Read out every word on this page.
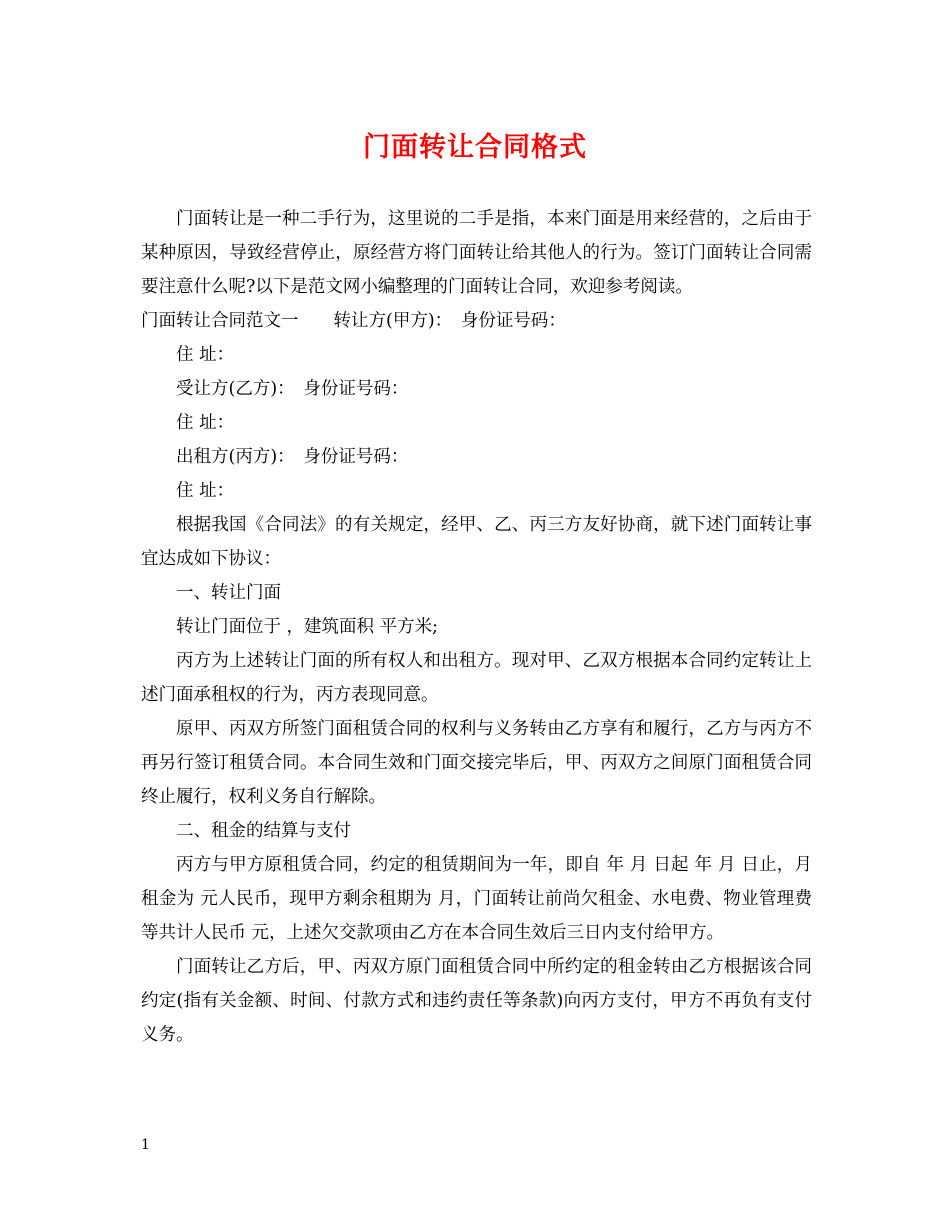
门面转让合同格式

门面转让是一种二手行为，这里说的二手是指，本来门面是用来经营的，之后由于某种原因，导致经营停止，原经营方将门面转让给其他人的行为。签订门面转让合同需要注意什么呢?以下是范文网小编整理的门面转让合同，欢迎参考阅读。

门面转让合同范文一　　转让方(甲方)：　身份证号码：

住 址：

受让方(乙方)：　身份证号码：

住 址：

出租方(丙方)：　身份证号码：

住 址：

根据我国《合同法》的有关规定，经甲、乙、丙三方友好协商，就下述门面转让事宜达成如下协议：

一、转让门面

转让门面位于 ，建筑面积 平方米;

丙方为上述转让门面的所有权人和出租方。现对甲、乙双方根据本合同约定转让上述门面承租权的行为，丙方表现同意。

原甲、丙双方所签门面租赁合同的权利与义务转由乙方享有和履行，乙方与丙方不再另行签订租赁合同。本合同生效和门面交接完毕后，甲、丙双方之间原门面租赁合同终止履行，权利义务自行解除。

二、租金的结算与支付

丙方与甲方原租赁合同，约定的租赁期间为一年，即自 年 月 日起 年 月 日止，月租金为 元人民币，现甲方剩余租期为 月，门面转让前尚欠租金、水电费、物业管理费等共计人民币 元，上述欠交款项由乙方在本合同生效后三日内支付给甲方。

门面转让乙方后，甲、丙双方原门面租赁合同中所约定的租金转由乙方根据该合同约定(指有关金额、时间、付款方式和违约责任等条款)向丙方支付，甲方不再负有支付义务。

1
